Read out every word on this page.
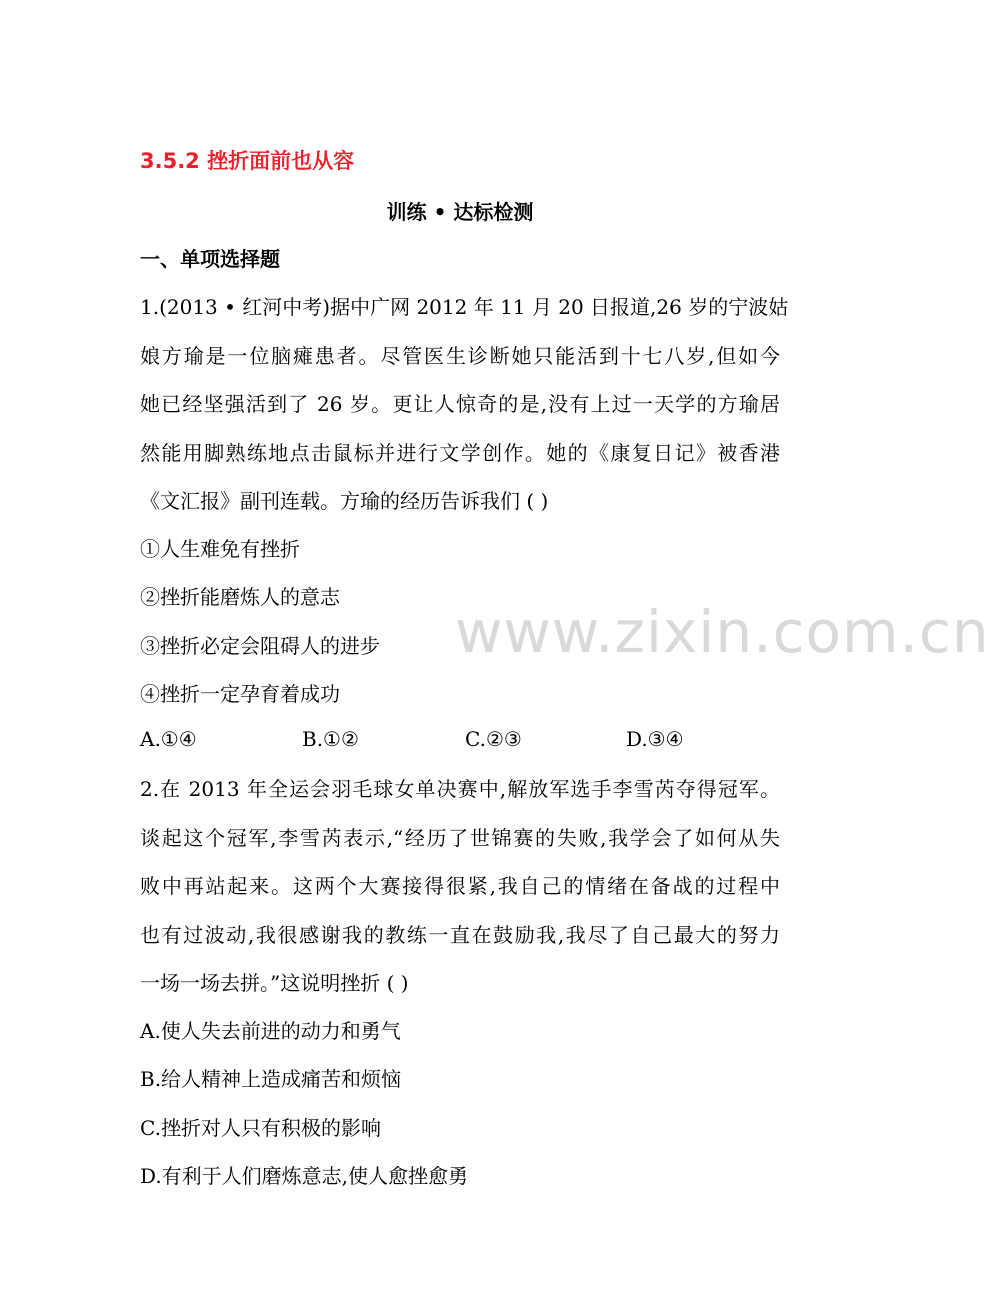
www.zixin.com.cn
3.5.2 挫折面前也从容
训练 • 达标检测
一、单项选择题
1.(2013 • 红河中考)据中广网 2012 年 11 月 20 日报道,26 岁的宁波姑
娘方瑜是一位脑瘫患者。尽管医生诊断她只能活到十七八岁,但如今
她已经坚强活到了 26 岁。更让人惊奇的是,没有上过一天学的方瑜居
然能用脚熟练地点击鼠标并进行文学创作。她的《康复日记》被香港
《文汇报》副刊连载。方瑜的经历告诉我们 ( )
①人生难免有挫折
②挫折能磨炼人的意志
③挫折必定会阻碍人的进步
④挫折一定孕育着成功
A.①④	B.①②	C.②③	D.③④
2.在 2013 年全运会羽毛球女单决赛中,解放军选手李雪芮夺得冠军。
谈起这个冠军,李雪芮表示,“经历了世锦赛的失败,我学会了如何从失
败中再站起来。这两个大赛接得很紧,我自己的情绪在备战的过程中
也有过波动,我很感谢我的教练一直在鼓励我,我尽了自己最大的努力
一场一场去拼。”这说明挫折 ( )
A.使人失去前进的动力和勇气
B.给人精神上造成痛苦和烦恼
C.挫折对人只有积极的影响
D.有利于人们磨炼意志,使人愈挫愈勇
